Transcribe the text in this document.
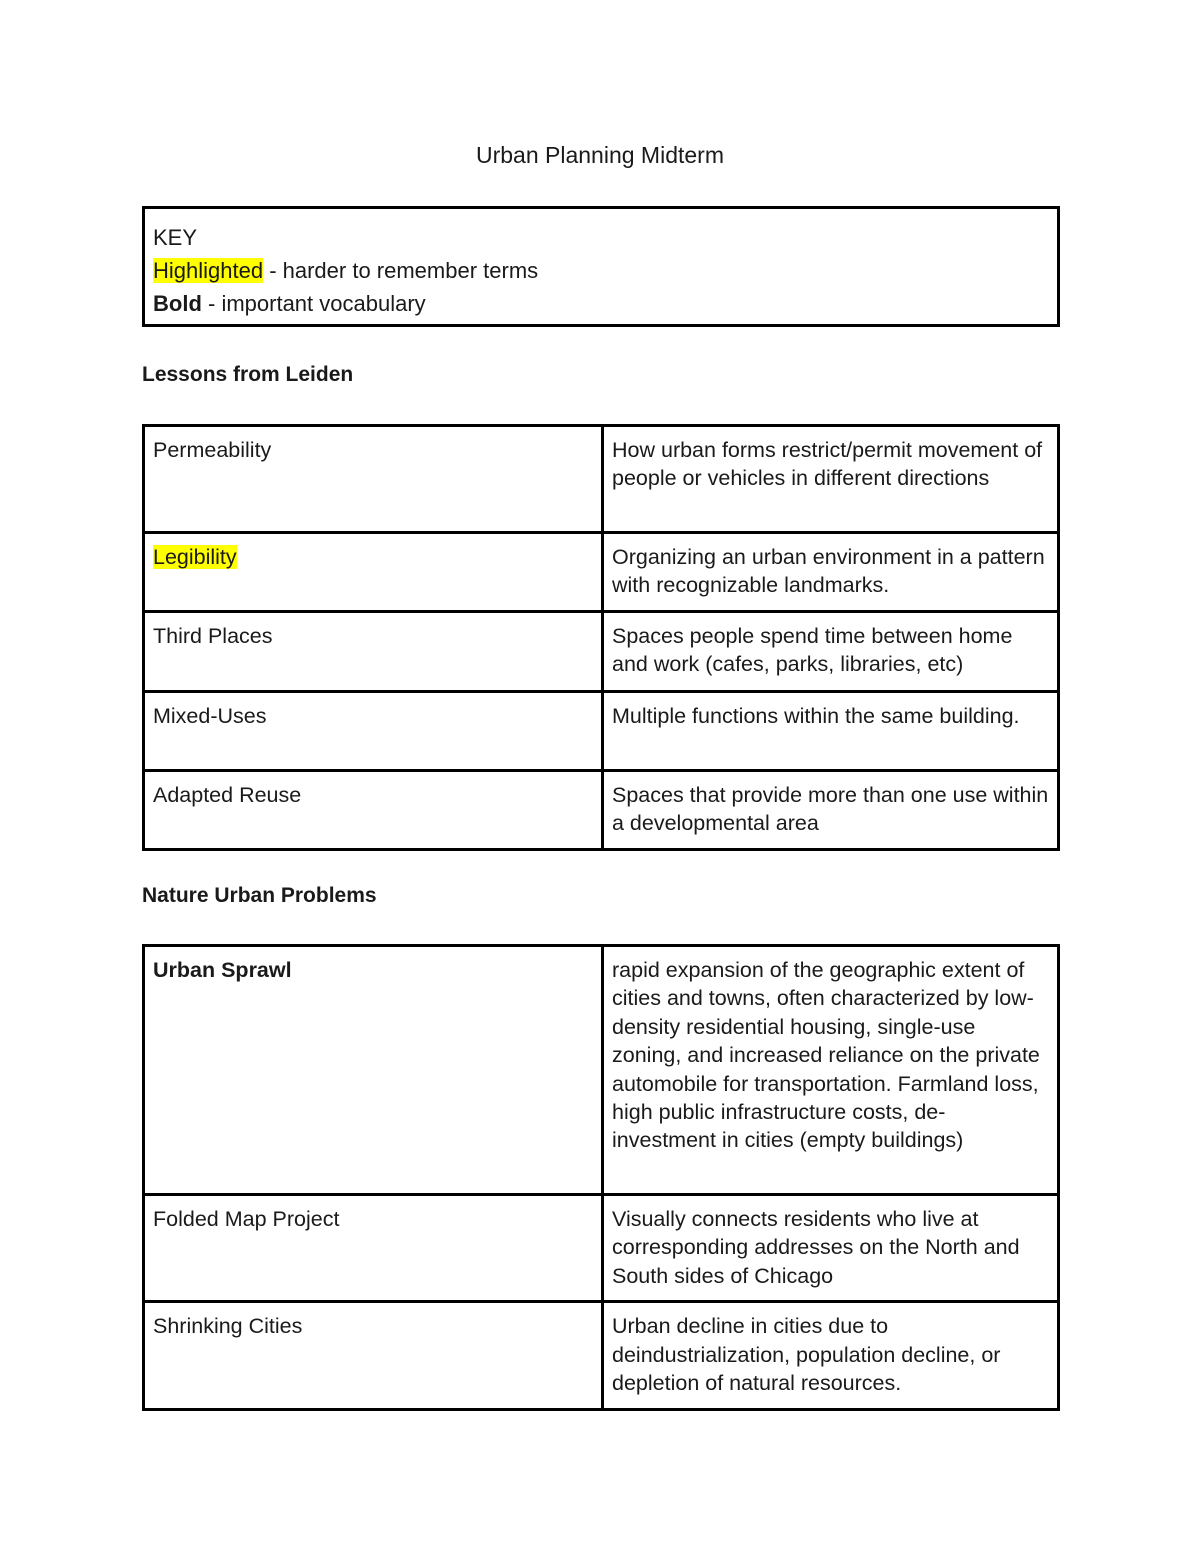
Urban Planning Midterm
KEY
Highlighted - harder to remember terms
Bold - important vocabulary
Lessons from Leiden
Permeability	How urban forms restrict/permit movement of people or vehicles in different directions
Legibility	Organizing an urban environment in a pattern with recognizable landmarks.
Third Places	Spaces people spend time between home and work (cafes, parks, libraries, etc)
Mixed-Uses	Multiple functions within the same building.
Adapted Reuse	Spaces that provide more than one use within a developmental area
Nature Urban Problems
Urban Sprawl	rapid expansion of the geographic extent of cities and towns, often characterized by low-density residential housing, single-use zoning, and increased reliance on the private automobile for transportation. Farmland loss, high public infrastructure costs, de-investment in cities (empty buildings)
Folded Map Project	Visually connects residents who live at corresponding addresses on the North and South sides of Chicago
Shrinking Cities	Urban decline in cities due to deindustrialization, population decline, or depletion of natural resources.
